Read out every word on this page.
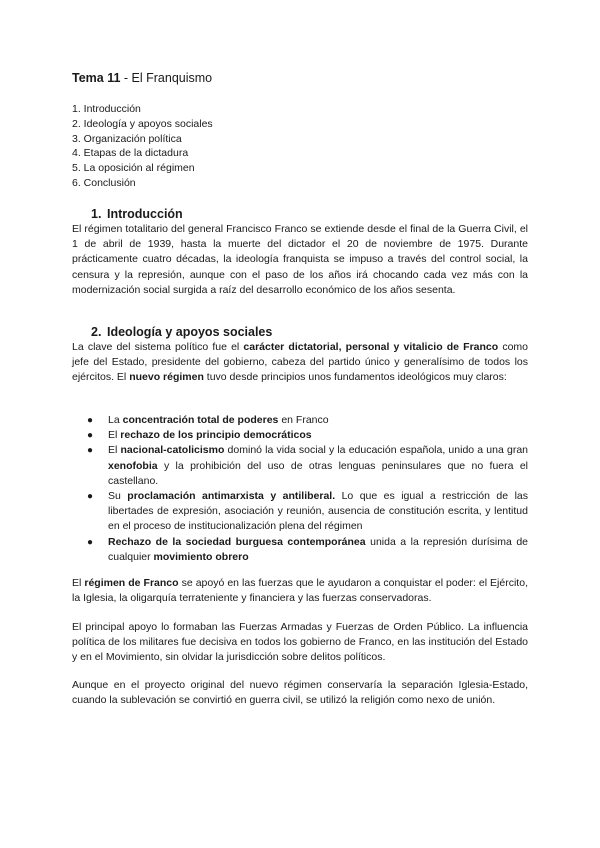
Tema 11 - El Franquismo
1. Introducción
2. Ideología y apoyos sociales
3. Organización política
4. Etapas de la dictadura
5. La oposición al régimen
6. Conclusión
1. Introducción
El régimen totalitario del general Francisco Franco se extiende desde el final de la Guerra Civil, el 1 de abril de 1939, hasta la muerte del dictador el 20 de noviembre de 1975. Durante prácticamente cuatro décadas, la ideología franquista se impuso a través del control social, la censura y la represión, aunque con el paso de los años irá chocando cada vez más con la modernización social surgida a raíz del desarrollo económico de los años sesenta.
2. Ideología y apoyos sociales
La clave del sistema político fue el carácter dictatorial, personal y vitalicio de Franco como jefe del Estado, presidente del gobierno, cabeza del partido único y generalísimo de todos los ejércitos. El nuevo régimen tuvo desde principios unos fundamentos ideológicos muy claros:
● La concentración total de poderes en Franco
● El rechazo de los principio democráticos
● El nacional-catolicismo dominó la vida social y la educación española, unido a una gran xenofobia y la prohibición del uso de otras lenguas peninsulares que no fuera el castellano.
● Su proclamación antimarxista y antiliberal. Lo que es igual a restricción de las libertades de expresión, asociación y reunión, ausencia de constitución escrita, y lentitud en el proceso de institucionalización plena del régimen
● Rechazo de la sociedad burguesa contemporánea unida a la represión durísima de cualquier movimiento obrero
El régimen de Franco se apoyó en las fuerzas que le ayudaron a conquistar el poder: el Ejército, la Iglesia, la oligarquía terrateniente y financiera y las fuerzas conservadoras.
El principal apoyo lo formaban las Fuerzas Armadas y Fuerzas de Orden Público. La influencia política de los militares fue decisiva en todos los gobierno de Franco, en las institución del Estado y en el Movimiento, sin olvidar la jurisdicción sobre delitos políticos.
Aunque en el proyecto original del nuevo régimen conservaría la separación Iglesia-Estado, cuando la sublevación se convirtió en guerra civil, se utilizó la religión como nexo de unión.
